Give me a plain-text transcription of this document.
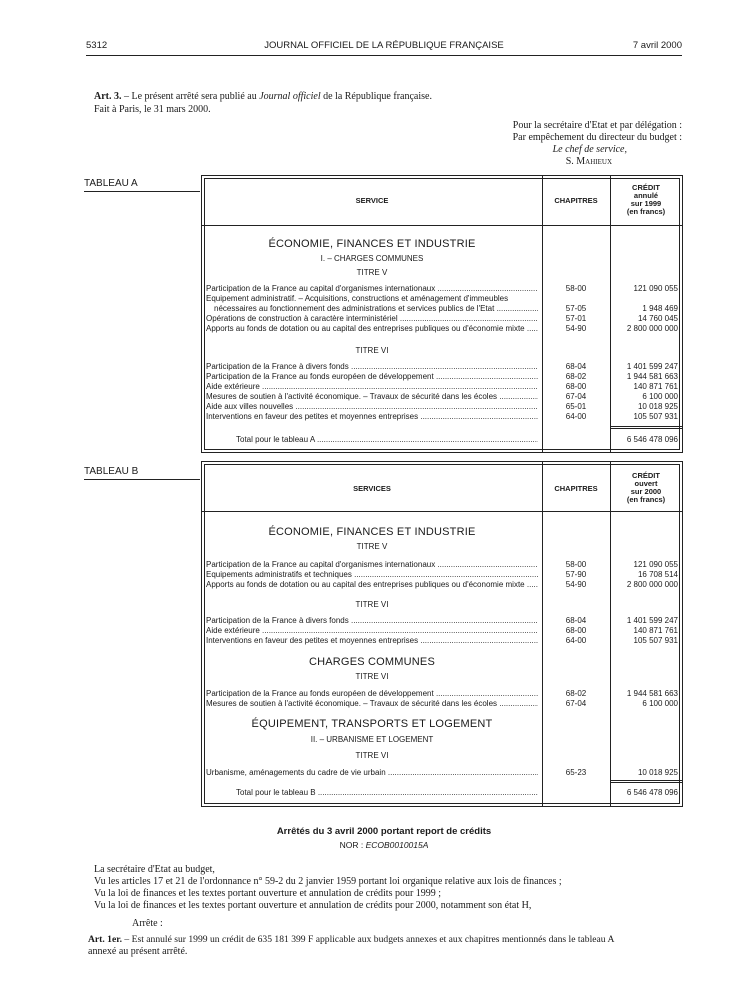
5312	JOURNAL OFFICIEL DE LA RÉPUBLIQUE FRANÇAISE	7 avril 2000
Art. 3. – Le présent arrêté sera publié au Journal officiel de la République française.
Fait à Paris, le 31 mars 2000.
Pour la secrétaire d'Etat et par délégation :
Par empêchement du directeur du budget :
Le chef de service,
S. Mahieux
TABLEAU A
SERVICE	CHAPITRES
CRÉDIT
annulé
sur 1999
(en francs)
ÉCONOMIE, FINANCES ET INDUSTRIE
I. – CHARGES COMMUNES
TITRE V
Participation de la France au capital d'organismes internationaux .....	58-00	121 090 055
Equipement administratif. – Acquisitions, constructions et aménagement d'immeubles
nécessaires au fonctionnement des administrations et services publics de l'Etat .....	57-05	1 948 469
Opérations de construction à caractère interministériel .....	57-01	14 760 045
Apports au fonds de dotation ou au capital des entreprises publiques ou d'économie mixte .....	54-90	2 800 000 000
TITRE VI
Participation de la France à divers fonds .....	68-04	1 401 599 247
Participation de la France au fonds européen de développement .....	68-02	1 944 581 663
Aide extérieure .....	68-00	140 871 761
Mesures de soutien à l'activité économique. – Travaux de sécurité dans les écoles .....	67-04	6 100 000
Aide aux villes nouvelles .....	65-01	10 018 925
Interventions en faveur des petites et moyennes entreprises .....	64-00	105 507 931
Total pour le tableau A .....	6 546 478 096
TABLEAU B
SERVICES	CHAPITRES
CRÉDIT
ouvert
sur 2000
(en francs)
ÉCONOMIE, FINANCES ET INDUSTRIE
TITRE V
Participation de la France au capital d'organismes internationaux .....	58-00	121 090 055
Equipements administratifs et techniques .....	57-90	16 708 514
Apports au fonds de dotation ou au capital des entreprises publiques ou d'économie mixte .....	54-90	2 800 000 000
TITRE VI
Participation de la France à divers fonds .....	68-04	1 401 599 247
Aide extérieure .....	68-00	140 871 761
Interventions en faveur des petites et moyennes entreprises .....	64-00	105 507 931
CHARGES COMMUNES
TITRE VI
Participation de la France au fonds européen de développement .....	68-02	1 944 581 663
Mesures de soutien à l'activité économique. – Travaux de sécurité dans les écoles .....	67-04	6 100 000
ÉQUIPEMENT, TRANSPORTS ET LOGEMENT
II. – URBANISME ET LOGEMENT
TITRE VI
Urbanisme, aménagements du cadre de vie urbain .....	65-23	10 018 925
Total pour le tableau B .....	6 546 478 096
Arrêtés du 3 avril 2000 portant report de crédits
NOR : ECOB0010015A
La secrétaire d'Etat au budget,
Vu les articles 17 et 21 de l'ordonnance n° 59-2 du 2 janvier 1959 portant loi organique relative aux lois de finances ;
Vu la loi de finances et les textes portant ouverture et annulation de crédits pour 1999 ;
Vu la loi de finances et les textes portant ouverture et annulation de crédits pour 2000, notamment son état H,
Arrête :
Art. 1er. – Est annulé sur 1999 un crédit de 635 181 399 F applicable aux budgets annexes et aux chapitres mentionnés dans le tableau A
annexé au présent arrêté.
